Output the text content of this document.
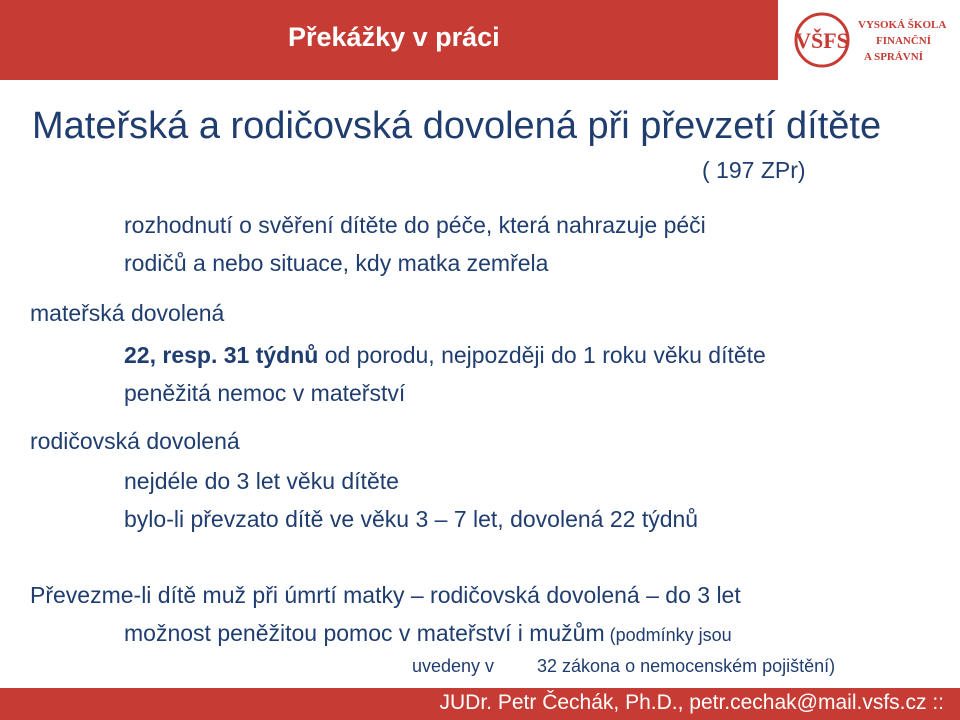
Překážky v práci	VŠFS
VYSOKÁ ŠKOLA
FINANČNÍ
A SPRÁVNÍ
Mateřská a rodičovská dovolená při převzetí dítěte
( 197 ZPr)
rozhodnutí o svěření dítěte do péče, která nahrazuje péči
rodičů a nebo situace, kdy matka zemřela
mateřská dovolená
22, resp. 31 týdnů od porodu, nejpozději do 1 roku věku dítěte
peněžitá nemoc v mateřství
rodičovská dovolená
nejdéle do 3 let věku dítěte
bylo-li převzato dítě ve věku 3 – 7 let, dovolená 22 týdnů
Převezme-li dítě muž při úmrtí matky – rodičovská dovolená – do 3 let
možnost peněžitou pomoc v mateřství i mužům (podmínky jsou
uvedeny v 32 zákona o nemocenském pojištění)
JUDr. Petr Čechák, Ph.D., petr.cechak@mail.vsfs.cz ::
